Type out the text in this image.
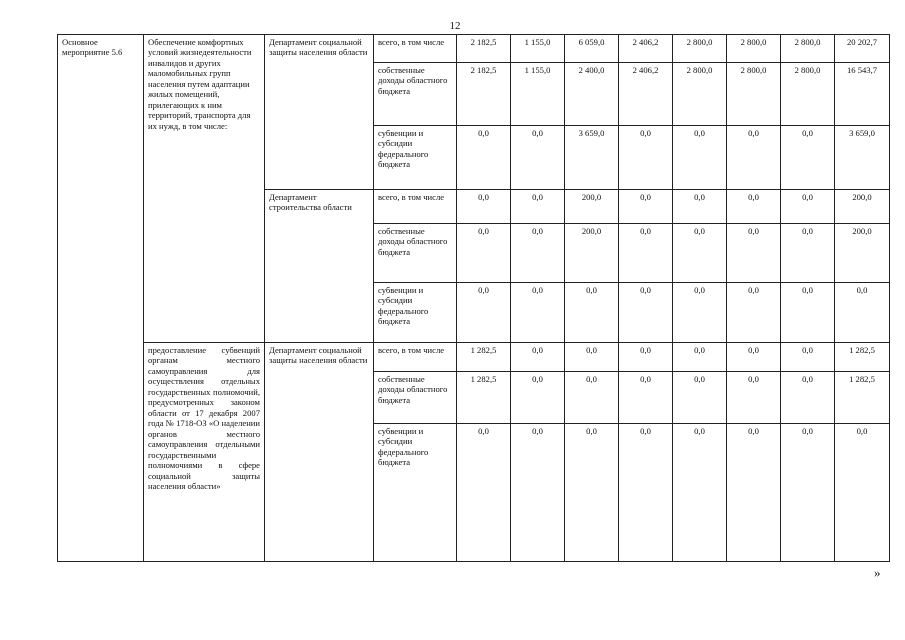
12
Основное мероприятие 5.6	Обеспечение комфортных условий жизнедеятельности инвалидов и других маломобильных групп населения путем адаптации жилых помещений, прилегающих к ним территорий, транспорта для их нужд, в том числе:	Департамент социальной защиты населения области	всего, в том числе	2 182,5	1 155,0	6 059,0	2 406,2	2 800,0	2 800,0	2 800,0	20 202,7
			собственные доходы областного бюджета	2 182,5	1 155,0	2 400,0	2 406,2	2 800,0	2 800,0	2 800,0	16 543,7
			субвенции и субсидии федерального бюджета	0,0	0,0	3 659,0	0,0	0,0	0,0	0,0	3 659,0
		Департамент строительства области	всего, в том числе	0,0	0,0	200,0	0,0	0,0	0,0	0,0	200,0
			собственные доходы областного бюджета	0,0	0,0	200,0	0,0	0,0	0,0	0,0	200,0
			субвенции и субсидии федерального бюджета	0,0	0,0	0,0	0,0	0,0	0,0	0,0	0,0
	предоставление субвенций органам местного самоуправления для осуществления отдельных государственных полномочий, предусмотренных законом области от 17 декабря 2007 года № 1718-ОЗ «О наделении органов местного самоуправления отдельными государственными полномочиями в сфере социальной защиты населения области»	Департамент социальной защиты населения области	всего, в том числе	1 282,5	0,0	0,0	0,0	0,0	0,0	0,0	1 282,5
			собственные доходы областного бюджета	1 282,5	0,0	0,0	0,0	0,0	0,0	0,0	1 282,5
			субвенции и субсидии федерального бюджета	0,0	0,0	0,0	0,0	0,0	0,0	0,0	0,0
»
